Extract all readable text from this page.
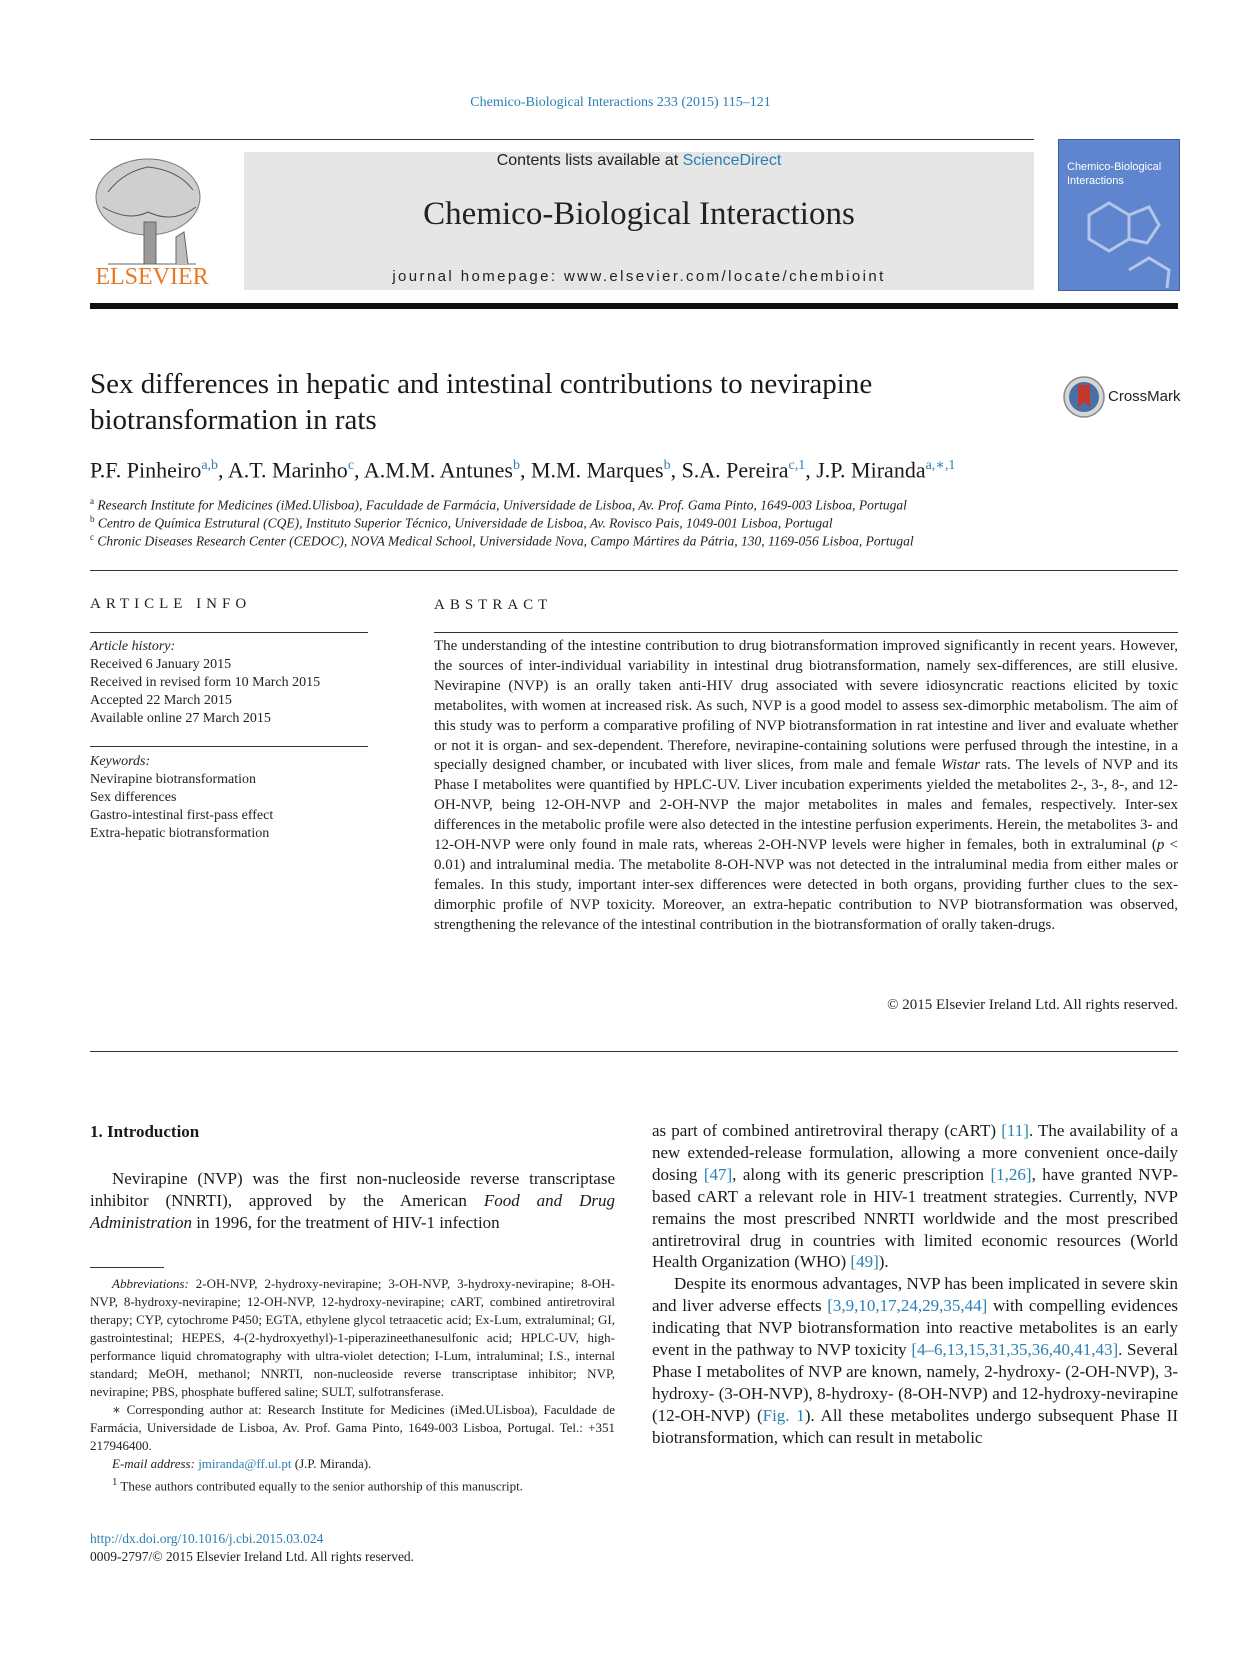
Chemico-Biological Interactions 233 (2015) 115–121
ELSEVIER
Contents lists available at ScienceDirect
Chemico-Biological Interactions
journal homepage: www.elsevier.com/locate/chembioint
Chemico-Biological Interactions
Sex differences in hepatic and intestinal contributions to nevirapine biotransformation in rats
CrossMark
P.F. Pinheiro$^{a,b}$, A.T. Marinho$^c$, A.M.M. Antunes$^b$, M.M. Marques$^b$, S.A. Pereira$^{c,1}$, J.P. Miranda$^{a,∗,1}$
$^a$ Research Institute for Medicines (iMed.Ulisboa), Faculdade de Farmácia, Universidade de Lisboa, Av. Prof. Gama Pinto, 1649-003 Lisboa, Portugal
$^b$ Centro de Química Estrutural (CQE), Instituto Superior Técnico, Universidade de Lisboa, Av. Rovisco Pais, 1049-001 Lisboa, Portugal
$^c$ Chronic Diseases Research Center (CEDOC), NOVA Medical School, Universidade Nova, Campo Mártires da Pátria, 130, 1169-056 Lisboa, Portugal
ARTICLE INFO
Article history:
Received 6 January 2015
Received in revised form 10 March 2015
Accepted 22 March 2015
Available online 27 March 2015
Keywords:
Nevirapine biotransformation
Sex differences
Gastro-intestinal first-pass effect
Extra-hepatic biotransformation
ABSTRACT
The understanding of the intestine contribution to drug biotransformation improved significantly in recent years. However, the sources of inter-individual variability in intestinal drug biotransformation, namely sex-differences, are still elusive. Nevirapine (NVP) is an orally taken anti-HIV drug associated with severe idiosyncratic reactions elicited by toxic metabolites, with women at increased risk. As such, NVP is a good model to assess sex-dimorphic metabolism. The aim of this study was to perform a comparative profiling of NVP biotransformation in rat intestine and liver and evaluate whether or not it is organ- and sex-dependent. Therefore, nevirapine-containing solutions were perfused through the intestine, in a specially designed chamber, or incubated with liver slices, from male and female Wistar rats. The levels of NVP and its Phase I metabolites were quantified by HPLC-UV. Liver incubation experiments yielded the metabolites 2-, 3-, 8-, and 12-OH-NVP, being 12-OH-NVP and 2-OH-NVP the major metabolites in males and females, respectively. Inter-sex differences in the metabolic profile were also detected in the intestine perfusion experiments. Herein, the metabolites 3- and 12-OH-NVP were only found in male rats, whereas 2-OH-NVP levels were higher in females, both in extraluminal (p < 0.01) and intraluminal media. The metabolite 8-OH-NVP was not detected in the intraluminal media from either males or females. In this study, important inter-sex differences were detected in both organs, providing further clues to the sex-dimorphic profile of NVP toxicity. Moreover, an extra-hepatic contribution to NVP biotransformation was observed, strengthening the relevance of the intestinal contribution in the biotransformation of orally taken-drugs.
© 2015 Elsevier Ireland Ltd. All rights reserved.
1. Introduction
Nevirapine (NVP) was the first non-nucleoside reverse transcriptase inhibitor (NNRTI), approved by the American Food and Drug Administration in 1996, for the treatment of HIV-1 infection
as part of combined antiretroviral therapy (cART) [11]. The availability of a new extended-release formulation, allowing a more convenient once-daily dosing [47], along with its generic prescription [1,26], have granted NVP-based cART a relevant role in HIV-1 treatment strategies. Currently, NVP remains the most prescribed NNRTI worldwide and the most prescribed antiretroviral drug in countries with limited economic resources (World Health Organization (WHO) [49]).
Despite its enormous advantages, NVP has been implicated in severe skin and liver adverse effects [3,9,10,17,24,29,35,44] with compelling evidences indicating that NVP biotransformation into reactive metabolites is an early event in the pathway to NVP toxicity [4–6,13,15,31,35,36,40,41,43]. Several Phase I metabolites of NVP are known, namely, 2-hydroxy- (2-OH-NVP), 3-hydroxy- (3-OH-NVP), 8-hydroxy- (8-OH-NVP) and 12-hydroxy-nevirapine (12-OH-NVP) (Fig. 1). All these metabolites undergo subsequent Phase II biotransformation, which can result in metabolic
Abbreviations: 2-OH-NVP, 2-hydroxy-nevirapine; 3-OH-NVP, 3-hydroxy-nevirapine; 8-OH-NVP, 8-hydroxy-nevirapine; 12-OH-NVP, 12-hydroxy-nevirapine; cART, combined antiretroviral therapy; CYP, cytochrome P450; EGTA, ethylene glycol tetraacetic acid; Ex-Lum, extraluminal; GI, gastrointestinal; HEPES, 4-(2-hydroxyethyl)-1-piperazineethanesulfonic acid; HPLC-UV, high-performance liquid chromatography with ultra-violet detection; I-Lum, intraluminal; I.S., internal standard; MeOH, methanol; NNRTI, non-nucleoside reverse transcriptase inhibitor; NVP, nevirapine; PBS, phosphate buffered saline; SULT, sulfotransferase.
∗ Corresponding author at: Research Institute for Medicines (iMed.ULisboa), Faculdade de Farmácia, Universidade de Lisboa, Av. Prof. Gama Pinto, 1649-003 Lisboa, Portugal. Tel.: +351 217946400.
E-mail address: jmiranda@ff.ul.pt (J.P. Miranda).
$^1$ These authors contributed equally to the senior authorship of this manuscript.
http://dx.doi.org/10.1016/j.cbi.2015.03.024
0009-2797/© 2015 Elsevier Ireland Ltd. All rights reserved.
